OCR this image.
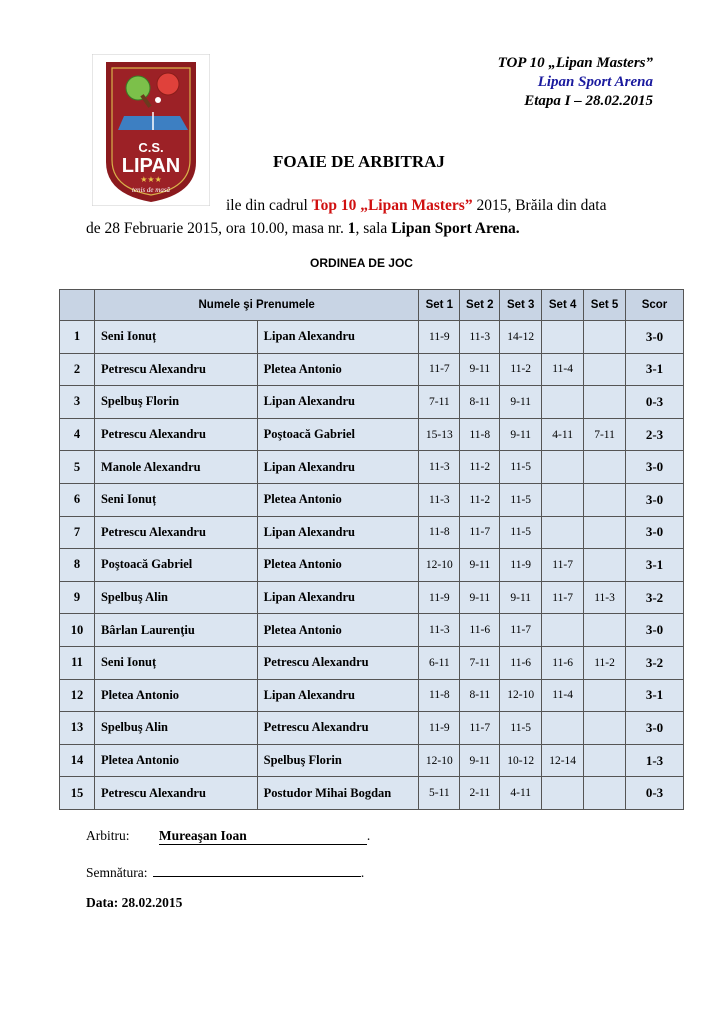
C.S.
LIPAN
★★★
tenis de masă
TOP 10 „Lipan Masters”
Lipan Sport Arena
Etapa I – 28.02.2015
FOAIE DE ARBITRAJ
ile din cadrul Top 10 „Lipan Masters” 2015, Brăila din data
de 28 Februarie 2015, ora 10.00, masa nr. 1, sala Lipan Sport Arena.
ORDINEA DE JOC
	Numele şi Prenumele		Set 1	Set 2	Set 3	Set 4	Set 5	Scor
1	Seni Ionuț	Lipan Alexandru	11-9	11-3	14-12			3-0
2	Petrescu Alexandru	Pletea Antonio	11-7	9-11	11-2	11-4		3-1
3	Spelbuş Florin	Lipan Alexandru	7-11	8-11	9-11			0-3
4	Petrescu Alexandru	Poştoacă Gabriel	15-13	11-8	9-11	4-11	7-11	2-3
5	Manole Alexandru	Lipan Alexandru	11-3	11-2	11-5			3-0
6	Seni Ionuț	Pletea Antonio	11-3	11-2	11-5			3-0
7	Petrescu Alexandru	Lipan Alexandru	11-8	11-7	11-5			3-0
8	Poştoacă Gabriel	Pletea Antonio	12-10	9-11	11-9	11-7		3-1
9	Spelbuş Alin	Lipan Alexandru	11-9	9-11	9-11	11-7	11-3	3-2
10	Bârlan Laurenţiu	Pletea Antonio	11-3	11-6	11-7			3-0
11	Seni Ionuț	Petrescu Alexandru	6-11	7-11	11-6	11-6	11-2	3-2
12	Pletea Antonio	Lipan Alexandru	11-8	8-11	12-10	11-4		3-1
13	Spelbuş Alin	Petrescu Alexandru	11-9	11-7	11-5			3-0
14	Pletea Antonio	Spelbuş Florin	12-10	9-11	10-12	12-14		1-3
15	Petrescu Alexandru	Postudor Mihai Bogdan	5-11	2-11	4-11			0-3
Arbitru: Mureaşan Ioan	.
Semnătura:	.
Data: 28.02.2015
